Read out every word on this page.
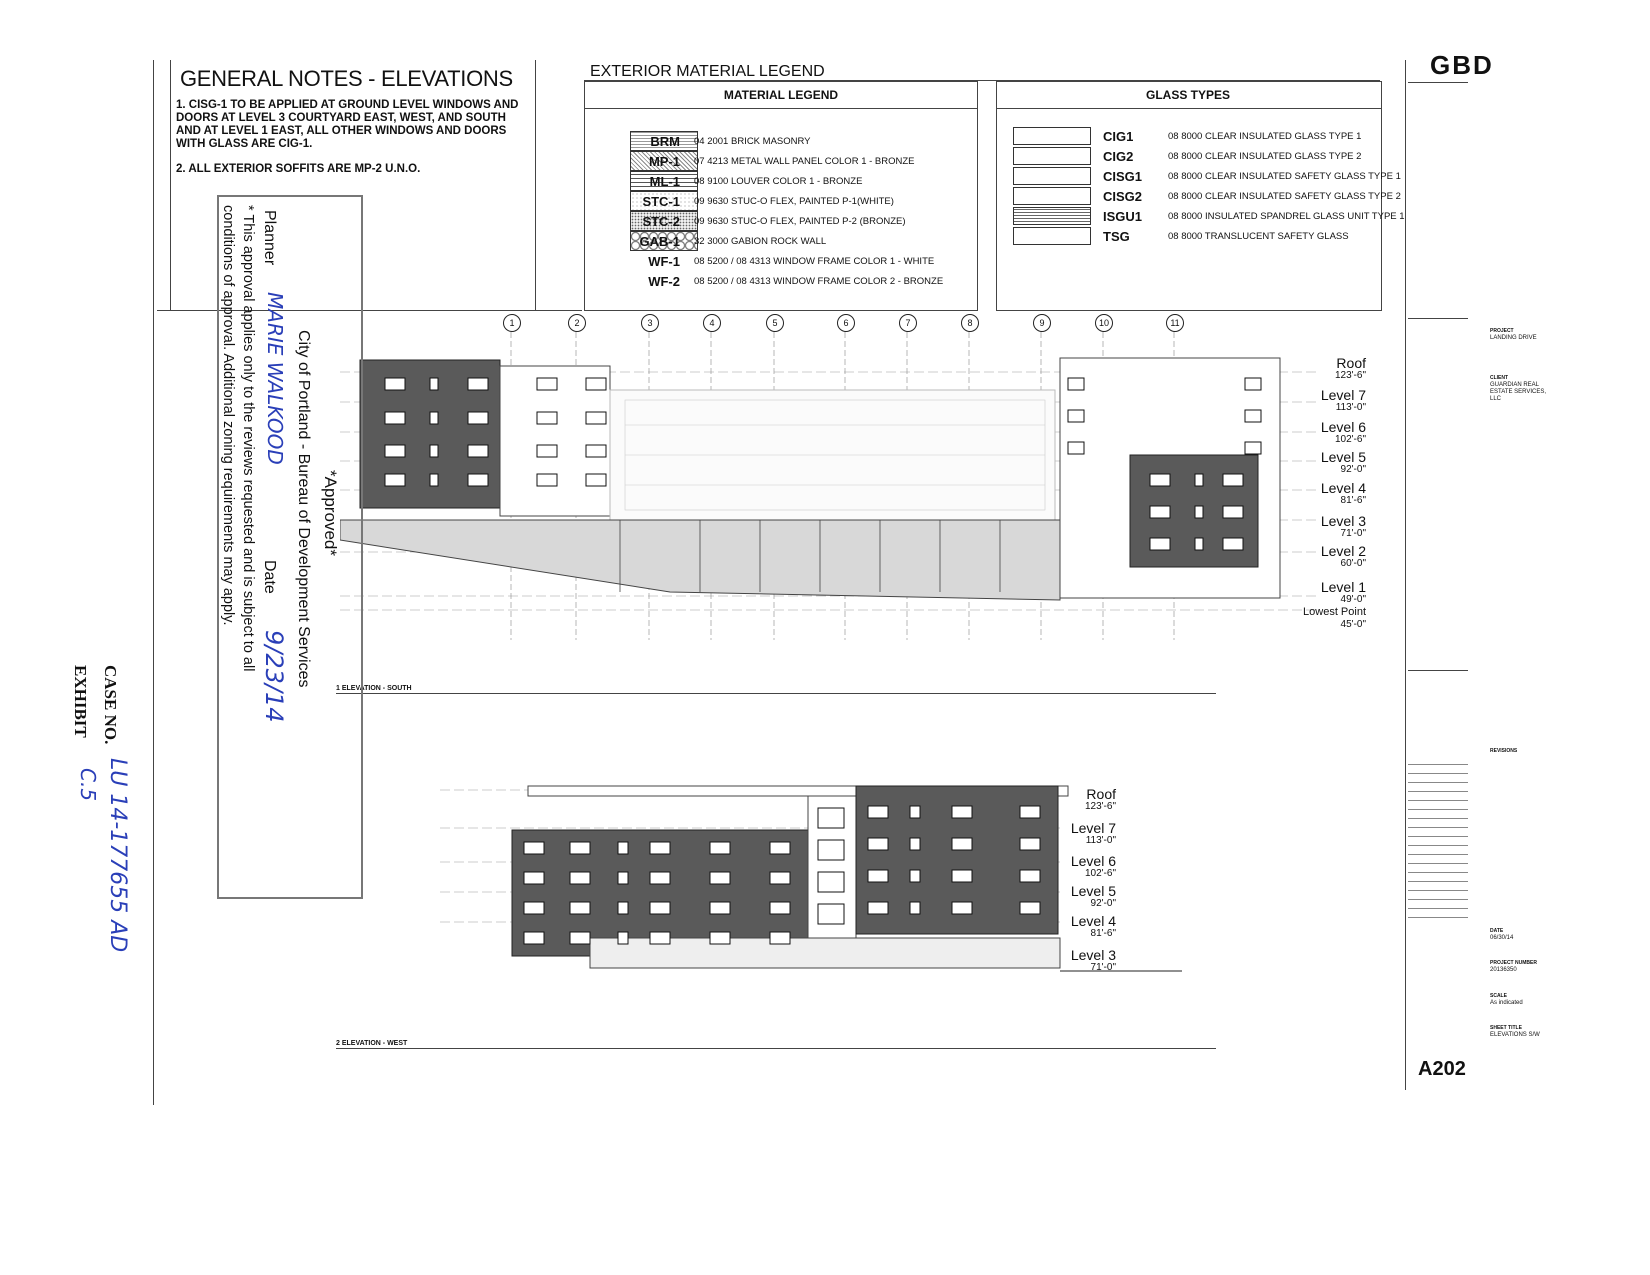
GENERAL NOTES - ELEVATIONS
1. CISG-1 TO BE APPLIED AT GROUND LEVEL WINDOWS AND DOORS AT LEVEL 3 COURTYARD EAST, WEST, AND SOUTH AND AT LEVEL 1 EAST, ALL OTHER WINDOWS AND DOORS WITH GLASS ARE CIG-1.
2. ALL EXTERIOR SOFFITS ARE MP-2 U.N.O.
EXTERIOR MATERIAL LEGEND
MATERIAL LEGEND
BRM 04 2001 BRICK MASONRY
MP-1 07 4213 METAL WALL PANEL COLOR 1 - BRONZE
ML-1 08 9100 LOUVER COLOR 1 - BRONZE
STC-1 09 9630 STUC-O FLEX, PAINTED P-1(WHITE)
STC-2 09 9630 STUC-O FLEX, PAINTED P-2 (BRONZE)
GAB-1 32 3000 GABION ROCK WALL
WF-1 08 5200 / 08 4313 WINDOW FRAME COLOR 1 - WHITE
WF-2 08 5200 / 08 4313 WINDOW FRAME COLOR 2 - BRONZE
GLASS TYPES
CIG1	08 8000 CLEAR INSULATED GLASS TYPE 1
CIG2	08 8000 CLEAR INSULATED GLASS TYPE 2
CISG1	08 8000 CLEAR INSULATED SAFETY GLASS TYPE 1
CISG2	08 8000 CLEAR INSULATED SAFETY GLASS TYPE 2
ISGU1	08 8000 INSULATED SPANDREL GLASS UNIT TYPE 1
TSG	08 8000 TRANSLUCENT SAFETY GLASS
1	2	3	4	5	6	7	8	9	10	11
Roof
123'-6"
Level 7
113'-0"
Level 6
102'-6"
Level 5
92'-0"
Level 4
81'-6"
Level 3
71'-0"
Level 2
60'-0"
Level 1
49'-0"
Lowest Point
45'-0"
1 ELEVATION - SOUTH
Roof
123'-6"
Level 7
113'-0"
Level 6
102'-6"
Level 5
92'-0"
Level 4
81'-6"
Level 3
71'-0"
2 ELEVATION - WEST
*Approved*
City of Portland - Bureau of Development Services
Planner
MARIE WALKOOD
Date
9/23/14
* This approval applies only to the reviews requested and is subject to all
conditions of approval. Additional zoning requirements may apply.
CASE NO.
LU 14-177655 AD
EXHIBIT
C.5
GBD
PROJECT
LANDING DRIVE
CLIENT
GUARDIAN REAL ESTATE SERVICES, LLC
REVISIONS
DATE
06/30/14
PROJECT NUMBER
20136350
SCALE
As indicated
SHEET TITLE
ELEVATIONS S/W
A202
